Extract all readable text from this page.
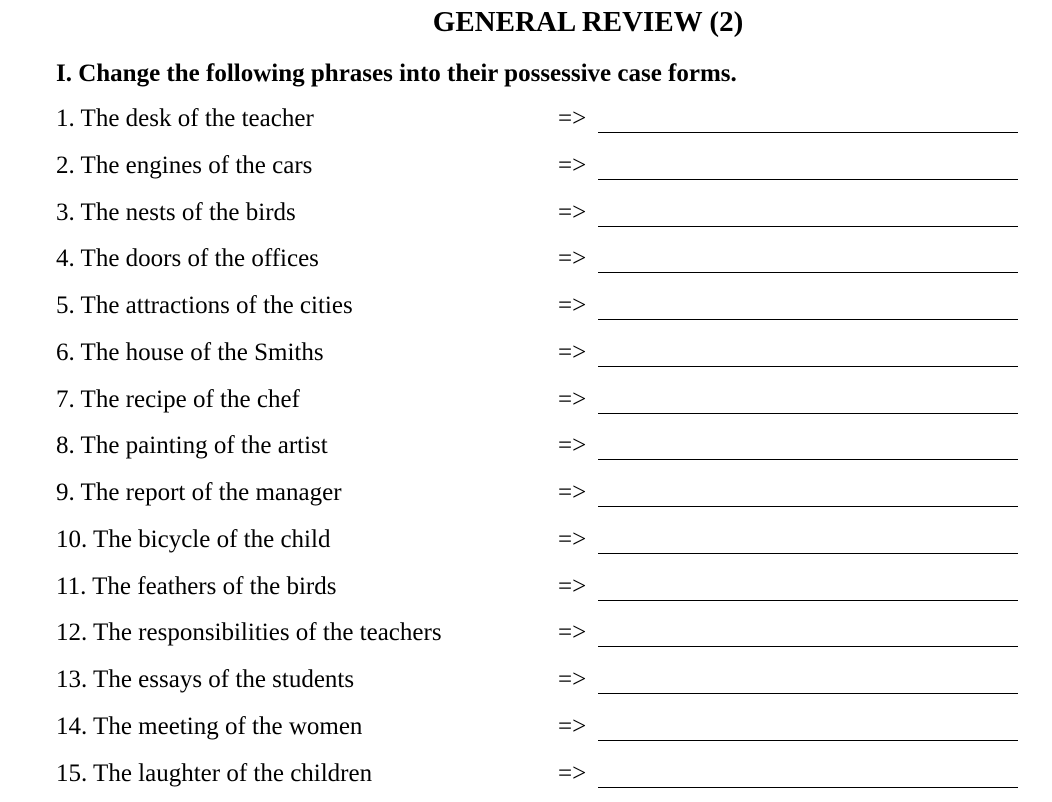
GENERAL REVIEW (2)
I. Change the following phrases into their possessive case forms.
1. The desk of the teacher	=>
2. The engines of the cars	=>
3. The nests of the birds	=>
4. The doors of the offices	=>
5. The attractions of the cities	=>
6. The house of the Smiths	=>
7. The recipe of the chef	=>
8. The painting of the artist	=>
9. The report of the manager	=>
10. The bicycle of the child	=>
11. The feathers of the birds	=>
12. The responsibilities of the teachers	=>
13. The essays of the students	=>
14. The meeting of the women	=>
15. The laughter of the children	=>
